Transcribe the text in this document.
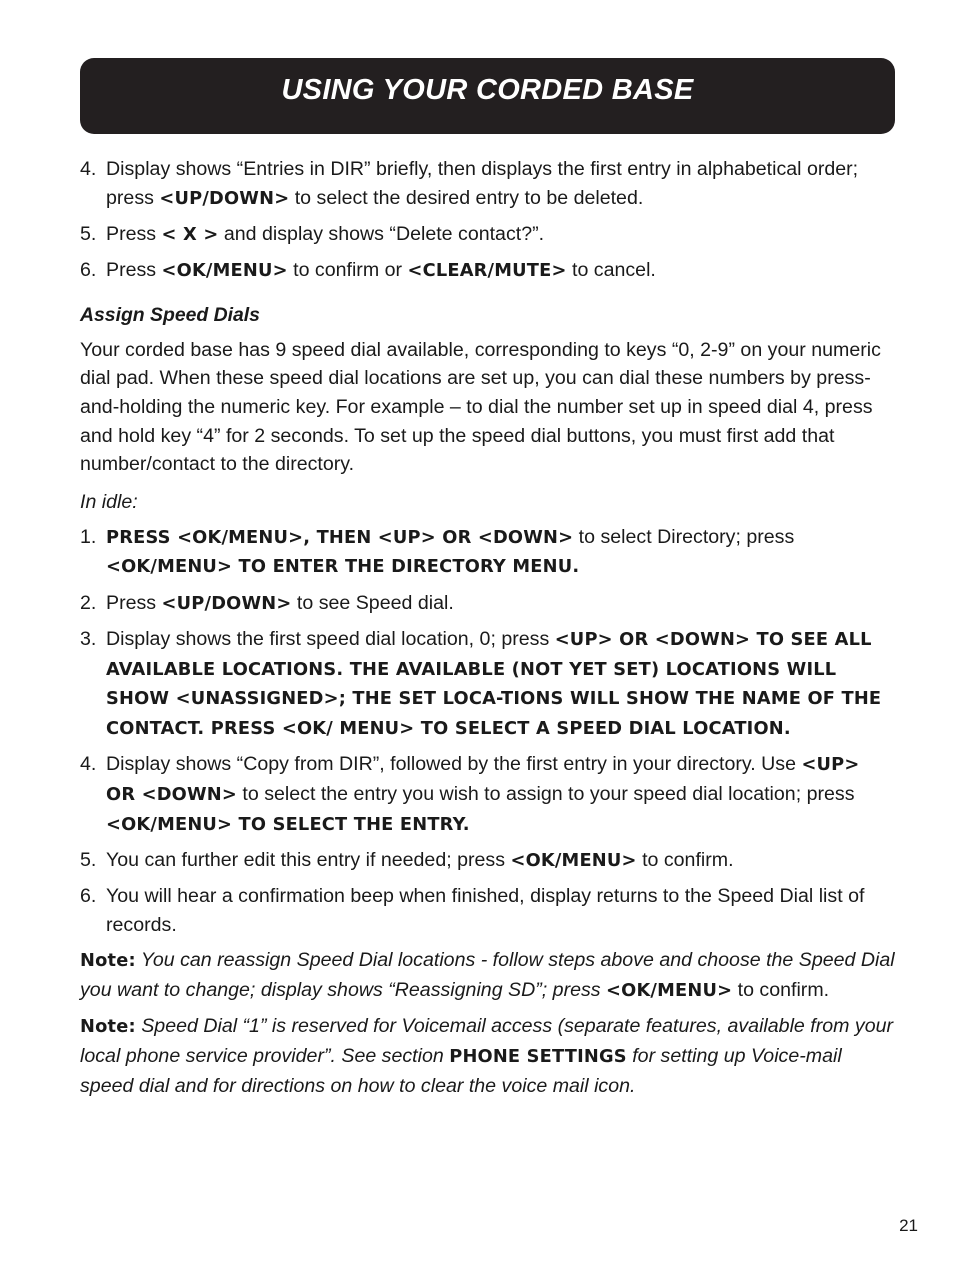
USING YOUR CORDED BASE
4. Display shows “Entries in DIR” briefly, then displays the first entry in alphabetical order; press <UP/DOWN> to select the desired entry to be deleted.
5. Press < X > and display shows “Delete contact?”.
6. Press <OK/MENU> to confirm or <CLEAR/MUTE> to cancel.
Assign Speed Dials

Your corded base has 9 speed dial available, corresponding to keys “0, 2-9” on your numeric dial pad. When these speed dial locations are set up, you can dial these numbers by press-and-holding the numeric key. For example – to dial the number set up in speed dial 4, press and hold key “4” for 2 seconds. To set up the speed dial buttons, you must first add that number/contact to the directory.

In idle:

1. PRESS <OK/MENU>, THEN <UP> OR <DOWN> to select Directory; press <OK/MENU> TO ENTER THE DIRECTORY MENU.
2. Press <UP/DOWN> to see Speed dial.
3. Display shows the first speed dial location, 0; press <UP> OR <DOWN> TO SEE ALL AVAILABLE LOCATIONS. THE AVAILABLE (NOT YET SET) LOCATIONS WILL SHOW <UNASSIGNED>; THE SET LOCA-TIONS WILL SHOW THE NAME OF THE CONTACT. PRESS <OK/ MENU> TO SELECT A SPEED DIAL LOCATION.
4. Display shows “Copy from DIR”, followed by the first entry in your directory. Use <UP> OR <DOWN> to select the entry you wish to assign to your speed dial location; press <OK/MENU> TO SELECT THE ENTRY.
5. You can further edit this entry if needed; press <OK/MENU> to confirm.
6. You will hear a confirmation beep when finished, display returns to the Speed Dial list of records.

Note: You can reassign Speed Dial locations - follow steps above and choose the Speed Dial you want to change; display shows “Reassigning SD”; press <OK/MENU> to confirm.

Note: Speed Dial “1” is reserved for Voicemail access (separate features, available from your local phone service provider”. See section PHONE SETTINGS for setting up Voice-mail speed dial and for directions on how to clear the voice mail icon.

21
